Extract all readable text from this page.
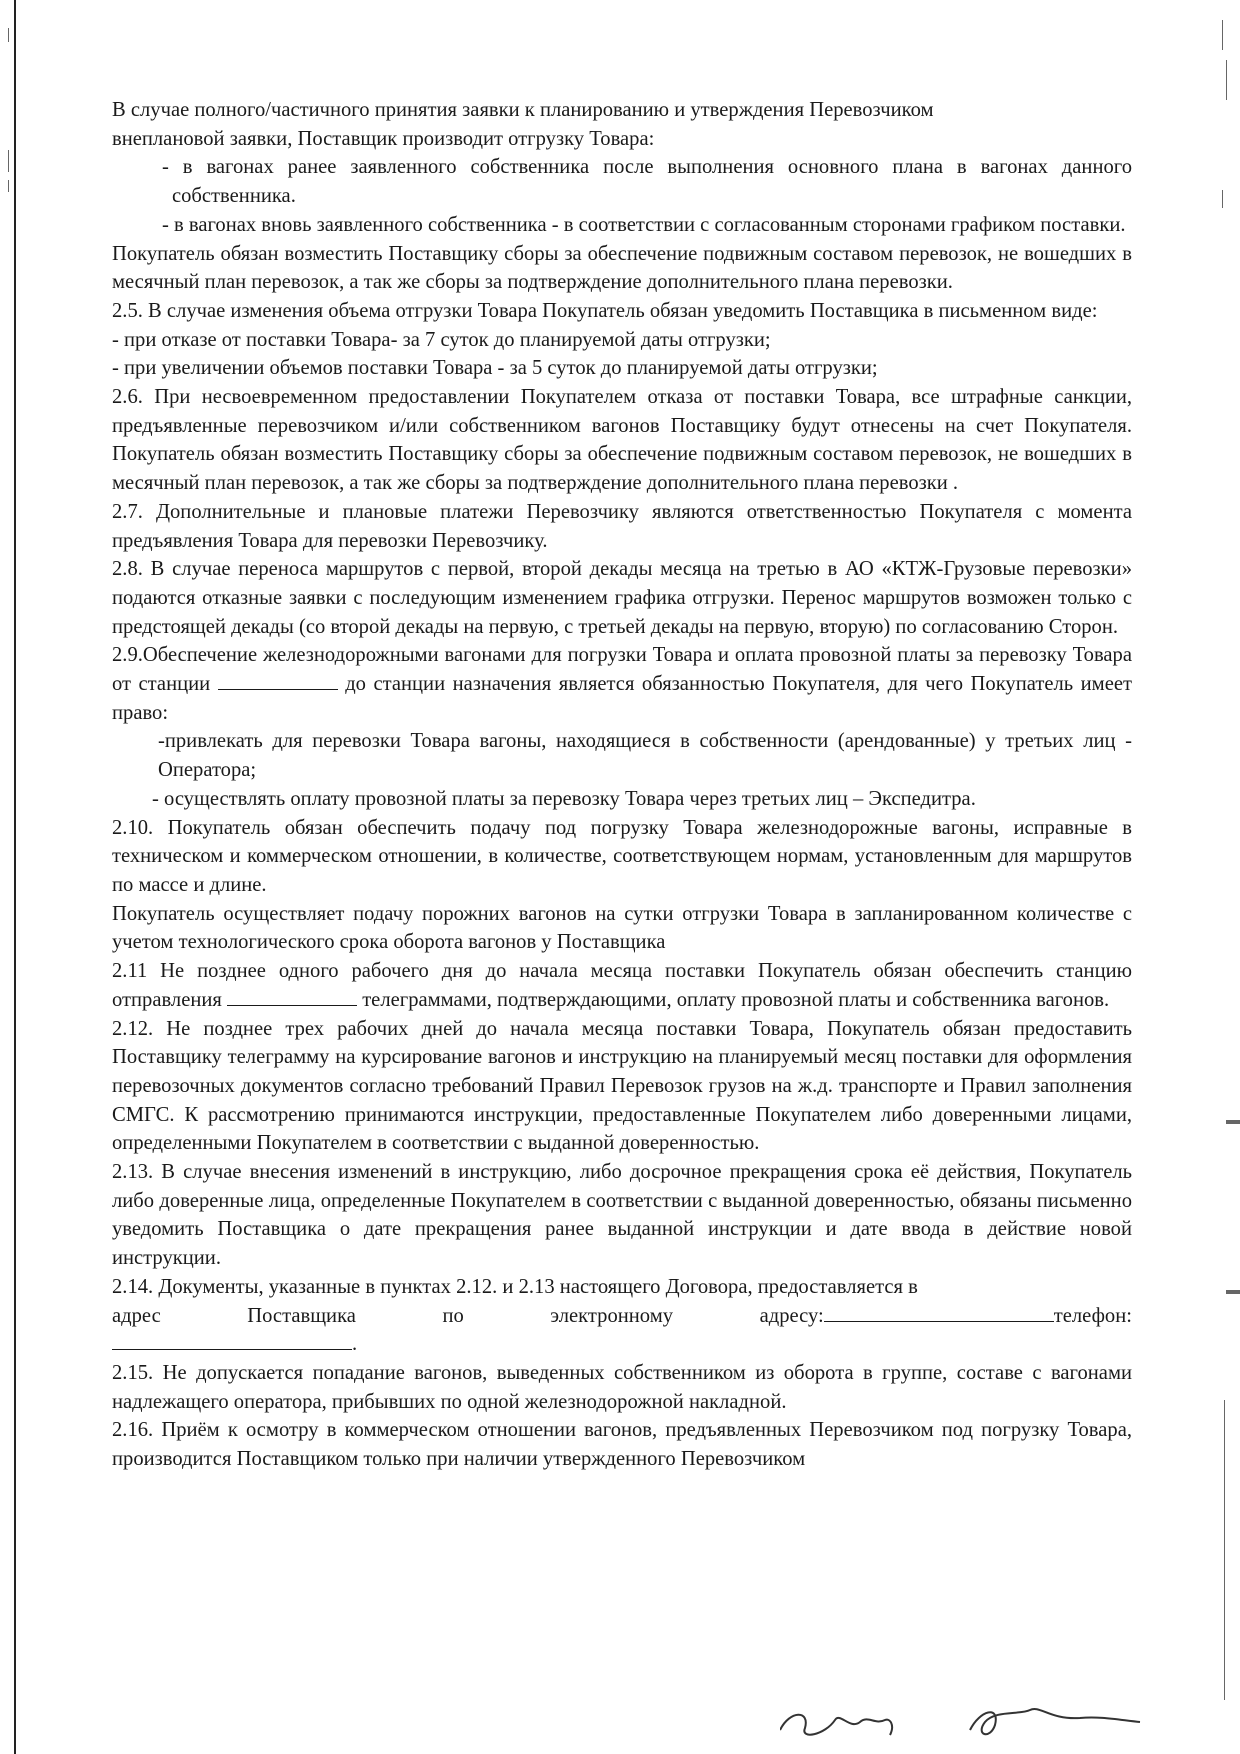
В случае полного/частичного принятия заявки к планированию и утверждения Перевозчиком
внеплановой заявки, Поставщик производит отгрузку Товара:

- в вагонах ранее заявленного собственника после выполнения основного плана в вагонах данного собственника.

- в вагонах вновь заявленного собственника - в соответствии с согласованным сторонами графиком поставки.

Покупатель обязан возместить Поставщику сборы за обеспечение подвижным составом перевозок, не вошедших в месячный план перевозок, а так же сборы за подтверждение дополнительного плана перевозки.

2.5. В случае изменения объема отгрузки Товара Покупатель обязан уведомить Поставщика в письменном виде:

- при отказе от поставки Товара- за 7 суток до планируемой даты отгрузки;

- при увеличении объемов поставки Товара - за 5 суток до планируемой даты отгрузки;

2.6. При несвоевременном предоставлении Покупателем отказа от поставки Товара, все штрафные санкции, предъявленные перевозчиком и/или собственником вагонов Поставщику будут отнесены на счет Покупателя. Покупатель обязан возместить Поставщику сборы за обеспечение подвижным составом перевозок, не вошедших в месячный план перевозок, а так же сборы за подтверждение дополнительного плана перевозки .

2.7. Дополнительные и плановые платежи Перевозчику являются ответственностью Покупателя с момента предъявления Товара для перевозки Перевозчику.

2.8. В случае переноса маршрутов с первой, второй декады месяца на третью в АО «КТЖ-Грузовые перевозки» подаются отказные заявки с последующим изменением графика отгрузки. Перенос маршрутов возможен только с предстоящей декады (со второй декады на первую, с третьей декады на первую, вторую) по согласованию Сторон.

2.9.Обеспечение железнодорожными вагонами для погрузки Товара и оплата провозной платы за перевозку Товара от станции	до станции назначения является обязанностью Покупателя, для чего Покупатель имеет право:

-привлекать для перевозки Товара вагоны, находящиеся в собственности (арендованные) у третьих лиц - Оператора;

- осуществлять оплату провозной платы за перевозку Товара через третьих лиц – Экспедитра.

2.10. Покупатель обязан обеспечить подачу под погрузку Товара железнодорожные вагоны, исправные в техническом и коммерческом отношении, в количестве, соответствующем нормам, установленным для маршрутов по массе и длине.

Покупатель осуществляет подачу порожних вагонов на сутки отгрузки Товара в запланированном количестве с учетом технологического срока оборота вагонов у Поставщика

2.11 Не позднее одного рабочего дня до начала месяца поставки Покупатель обязан обеспечить станцию отправления	телеграммами, подтверждающими, оплату провозной платы и собственника вагонов.

2.12. Не позднее трех рабочих дней до начала месяца поставки Товара, Покупатель обязан предоставить Поставщику телеграмму на курсирование вагонов и инструкцию на планируемый месяц поставки для оформления перевозочных документов согласно требований Правил Перевозок грузов на ж.д. транспорте и Правил заполнения СМГС. К рассмотрению принимаются инструкции, предоставленные Покупателем либо доверенными лицами, определенными Покупателем в соответствии с выданной доверенностью.

2.13. В случае внесения изменений в инструкцию, либо досрочное прекращения срока её действия, Покупатель либо доверенные лица, определенные Покупателем в соответствии с выданной доверенностью, обязаны письменно уведомить Поставщика о дате прекращения ранее выданной инструкции и дате ввода в действие новой инструкции.

2.14. Документы, указанные в пунктах 2.12. и 2.13 настоящего Договора, предоставляется в

адрес	Поставщика	по	электронному	адресу:	телефон:
.

2.15. Не допускается попадание вагонов, выведенных собственником из оборота в группе, составе с вагонами надлежащего оператора, прибывших по одной железнодорожной накладной.

2.16. Приём к осмотру в коммерческом отношении вагонов, предъявленных Перевозчиком под погрузку Товара, производится Поставщиком только при наличии утвержденного Перевозчиком
